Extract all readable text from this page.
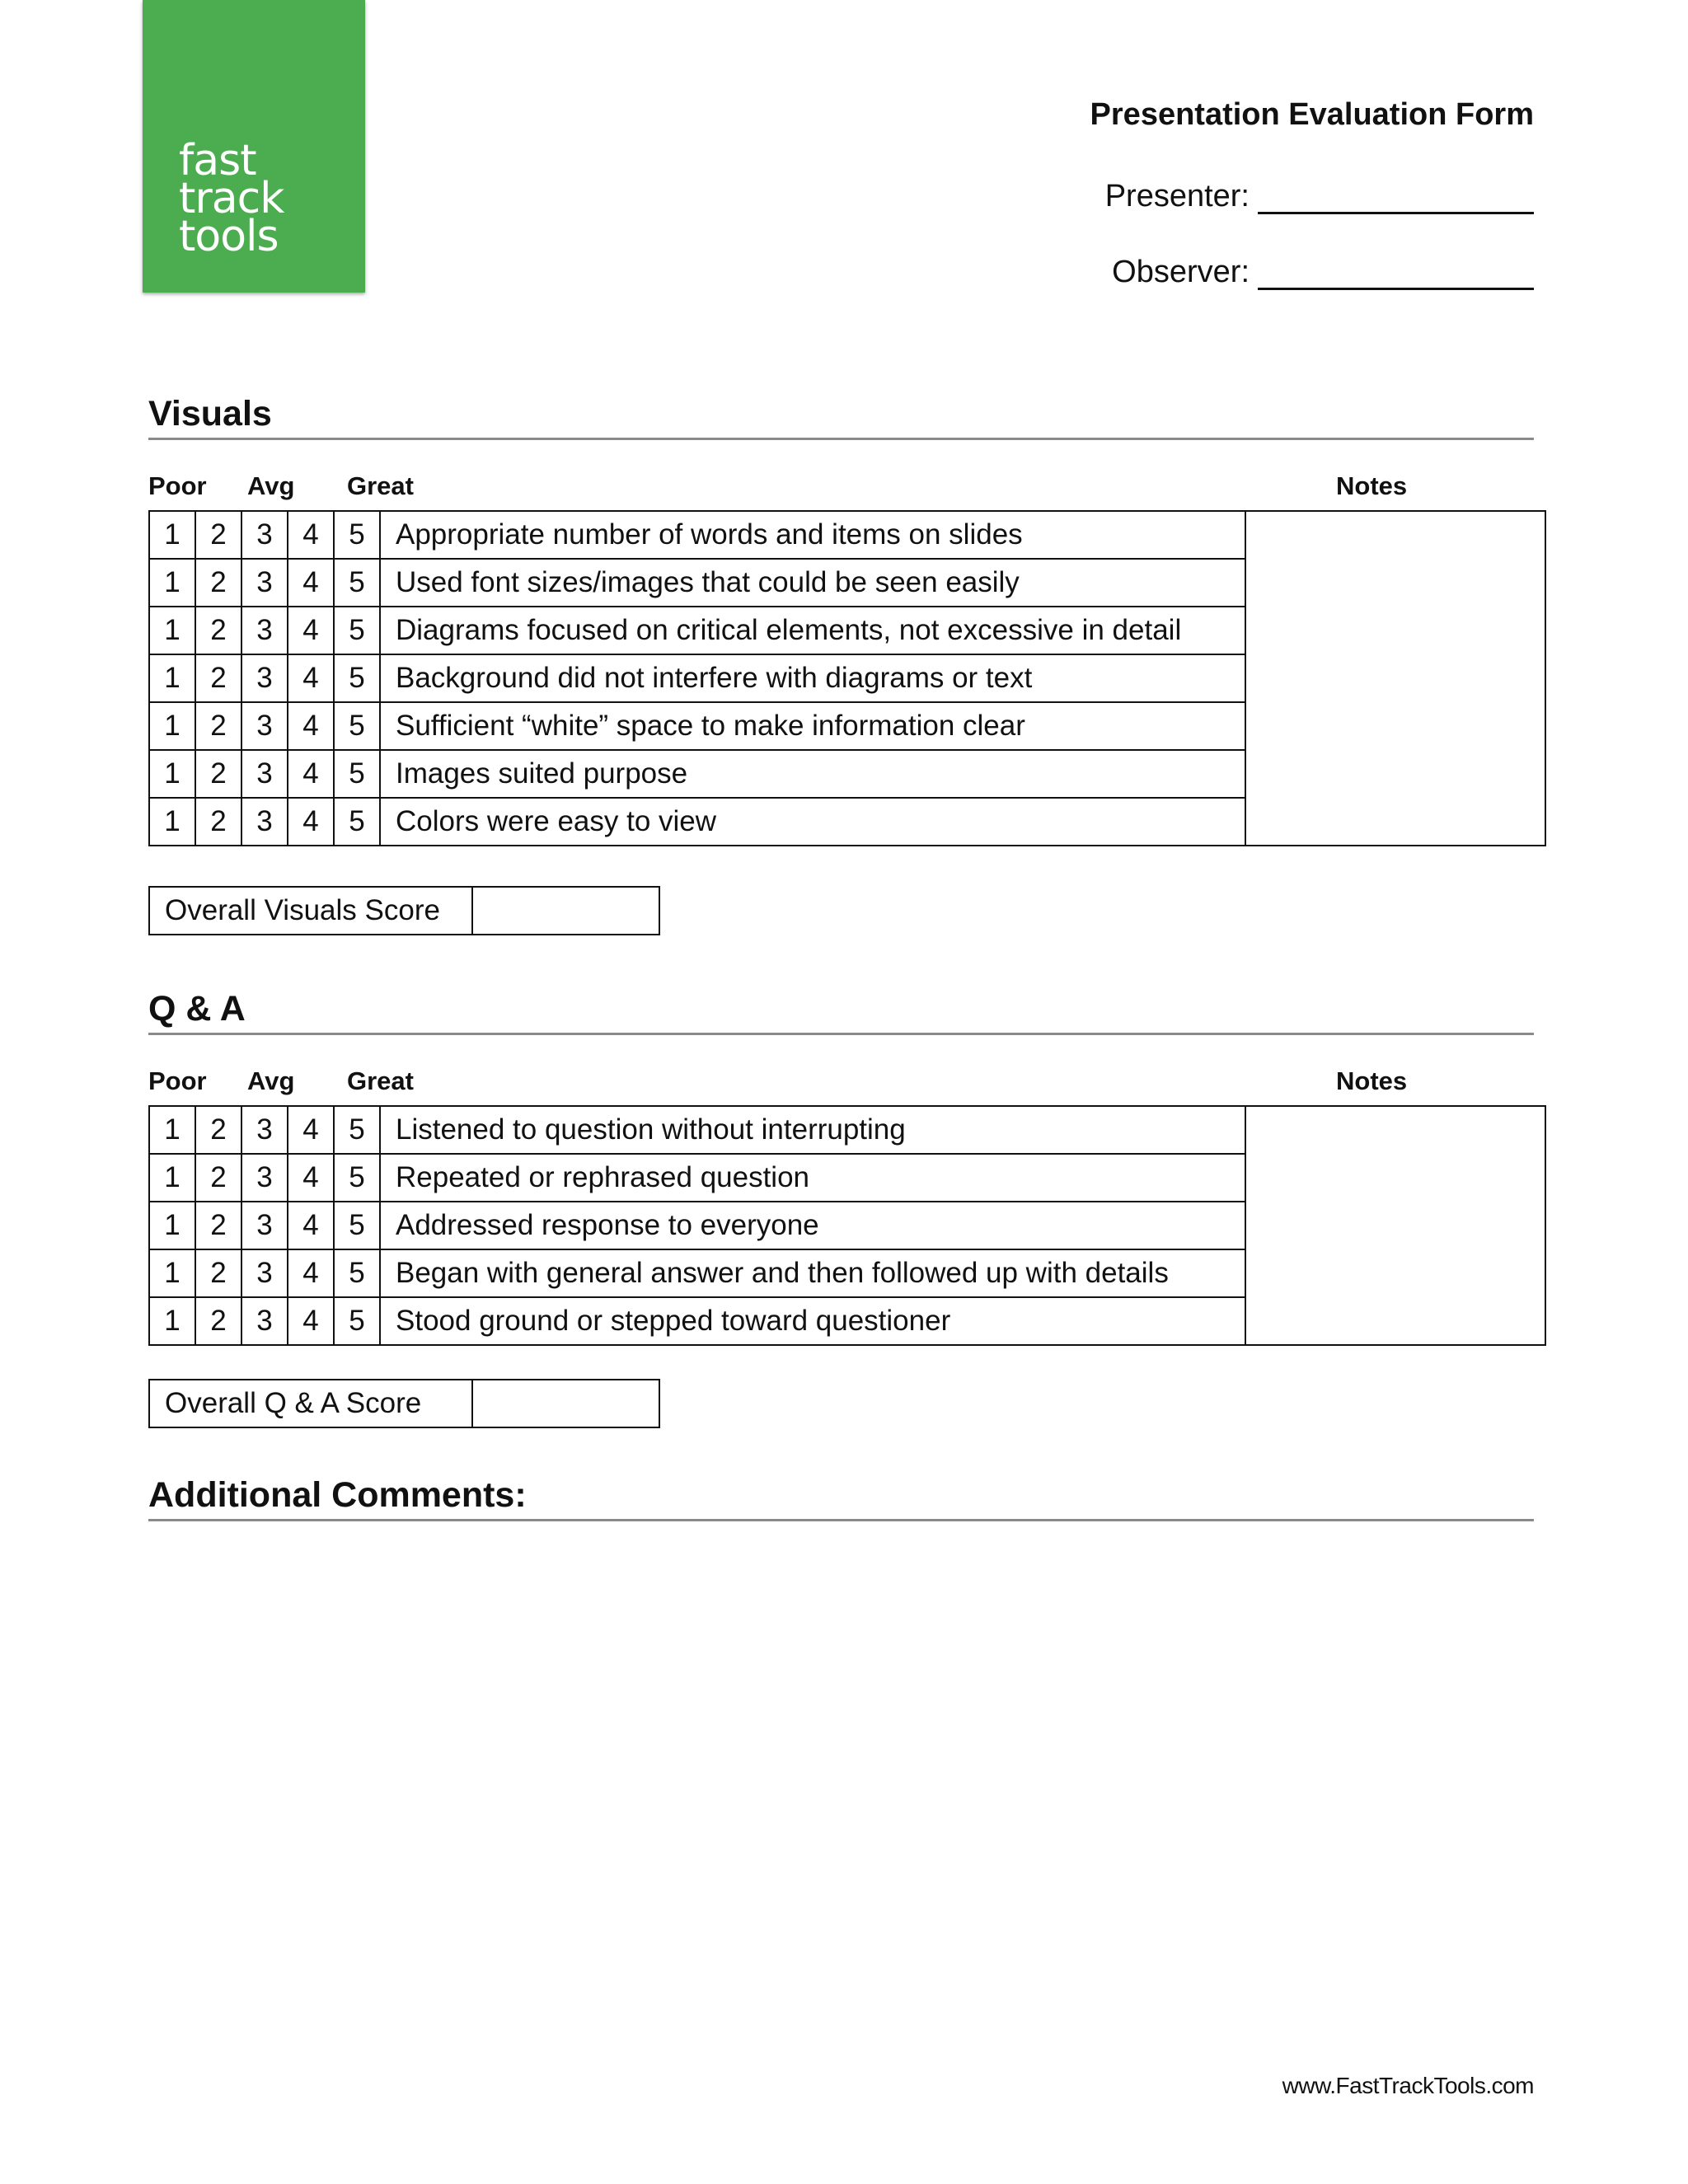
fast
track
tools
Presentation Evaluation Form
Presenter:
Observer:
Visuals
Poor Avg Great	Notes
1	2	3	4	5	Appropriate number of words and items on slides	
1	2	3	4	5	Used font sizes/images that could be seen easily	
1	2	3	4	5	Diagrams focused on critical elements, not excessive in detail	
1	2	3	4	5	Background did not interfere with diagrams or text	
1	2	3	4	5	Sufficient “white” space to make information clear	
1	2	3	4	5	Images suited purpose	
1	2	3	4	5	Colors were easy to view	
Overall Visuals Score	
Q & A
Poor Avg Great	Notes
1	2	3	4	5	Listened to question without interrupting	
1	2	3	4	5	Repeated or rephrased question	
1	2	3	4	5	Addressed response to everyone	
1	2	3	4	5	Began with general answer and then followed up with details	
1	2	3	4	5	Stood ground or stepped toward questioner	
Overall Q & A Score	
Additional Comments:
www.FastTrackTools.com
